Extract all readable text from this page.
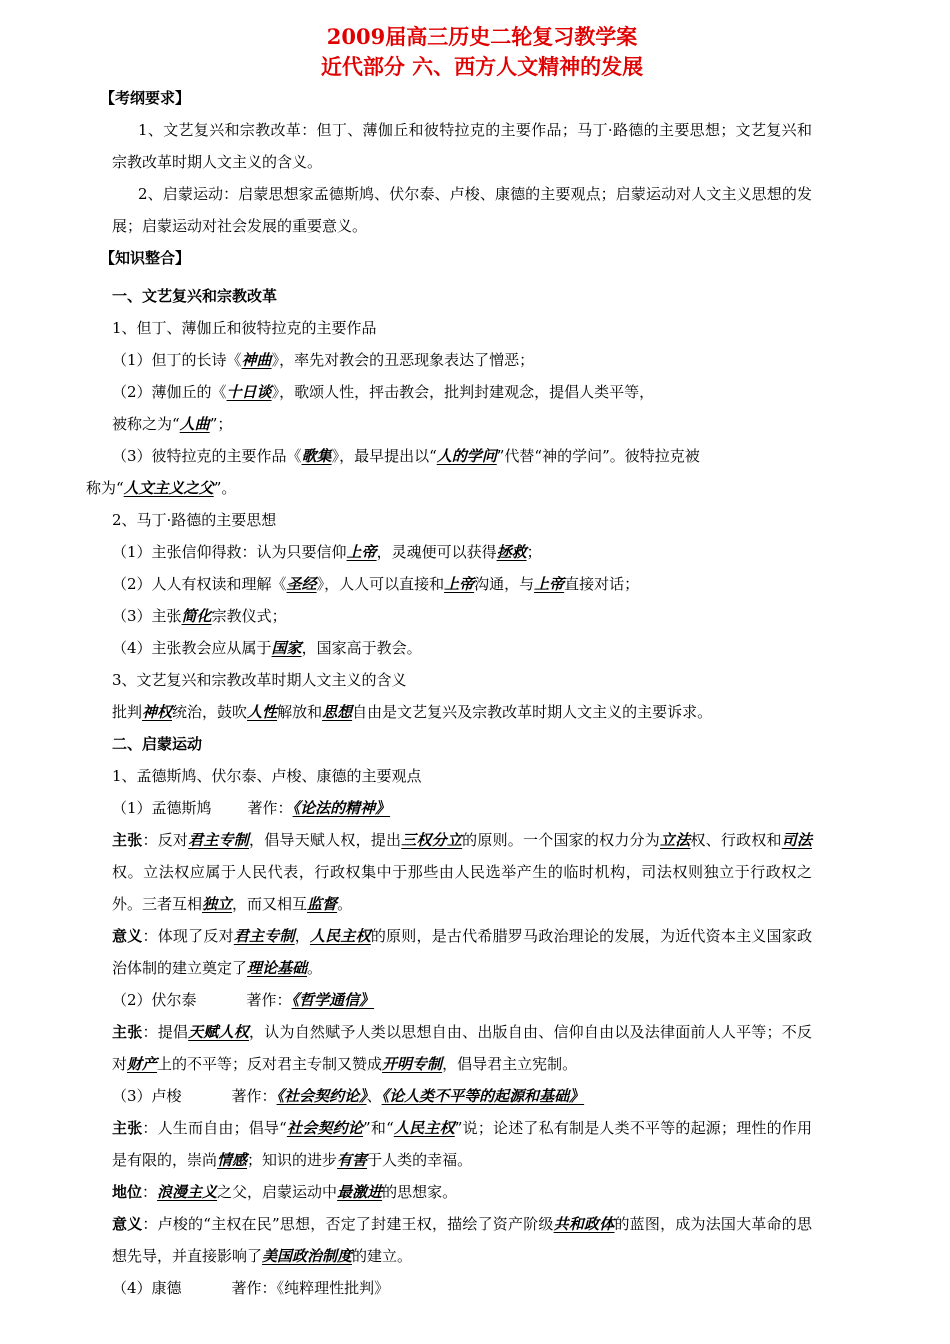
2009届高三历史二轮复习教学案

近代部分 六、西方人文精神的发展

【考纲要求】

1、文艺复兴和宗教改革：但丁、薄伽丘和彼特拉克的主要作品；马丁·路德的主要思想；文艺复兴和宗教改革时期人文主义的含义。

2、启蒙运动：启蒙思想家孟德斯鸠、伏尔泰、卢梭、康德的主要观点；启蒙运动对人文主义思想的发展；启蒙运动对社会发展的重要意义。

【知识整合】

一、文艺复兴和宗教改革

1、但丁、薄伽丘和彼特拉克的主要作品

（1）但丁的长诗《神曲》，率先对教会的丑恶现象表达了憎恶；

（2）薄伽丘的《十日谈》，歌颂人性，抨击教会，批判封建观念，提倡人类平等，

被称之为“人曲”；

（3）彼特拉克的主要作品《歌集》，最早提出以“人的学问”代替“神的学问”。彼特拉克被

称为“人文主义之父”。

2、马丁·路德的主要思想

（1）主张信仰得救：认为只要信仰上帝，灵魂便可以获得拯救；

（2）人人有权读和理解《圣经》，人人可以直接和上帝沟通，与上帝直接对话；

（3）主张简化宗教仪式；

（4）主张教会应从属于国家，国家高于教会。

3、文艺复兴和宗教改革时期人文主义的含义

批判神权统治，鼓吹人性解放和思想自由是文艺复兴及宗教改革时期人文主义的主要诉求。

二、启蒙运动

1、孟德斯鸠、伏尔泰、卢梭、康德的主要观点

（1）孟德斯鸠 著作：《论法的精神》

主张：反对君主专制，倡导天赋人权，提出三权分立的原则。一个国家的权力分为立法权、行政权和司法权。立法权应属于人民代表，行政权集中于那些由人民选举产生的临时机构，司法权则独立于行政权之外。三者互相独立，而又相互监督。

意义：体现了反对君主专制，人民主权的原则，是古代希腊罗马政治理论的发展，为近代资本主义国家政治体制的建立奠定了理论基础。

（2）伏尔泰	著作：《哲学通信》

主张：提倡天赋人权，认为自然赋予人类以思想自由、出版自由、信仰自由以及法律面前人人平等；不反对财产上的不平等；反对君主专制又赞成开明专制，倡导君主立宪制。

（3）卢梭	著作：《社会契约论》、《论人类不平等的起源和基础》

主张：人生而自由；倡导“社会契约论”和“人民主权”说；论述了私有制是人类不平等的起源；理性的作用是有限的，崇尚情感；知识的进步有害于人类的幸福。

地位：浪漫主义之父，启蒙运动中最激进的思想家。

意义：卢梭的“主权在民”思想，否定了封建王权，描绘了资产阶级共和政体的蓝图，成为法国大革命的思想先导，并直接影响了美国政治制度的建立。

（4）康德	著作：《纯粹理性批判》
